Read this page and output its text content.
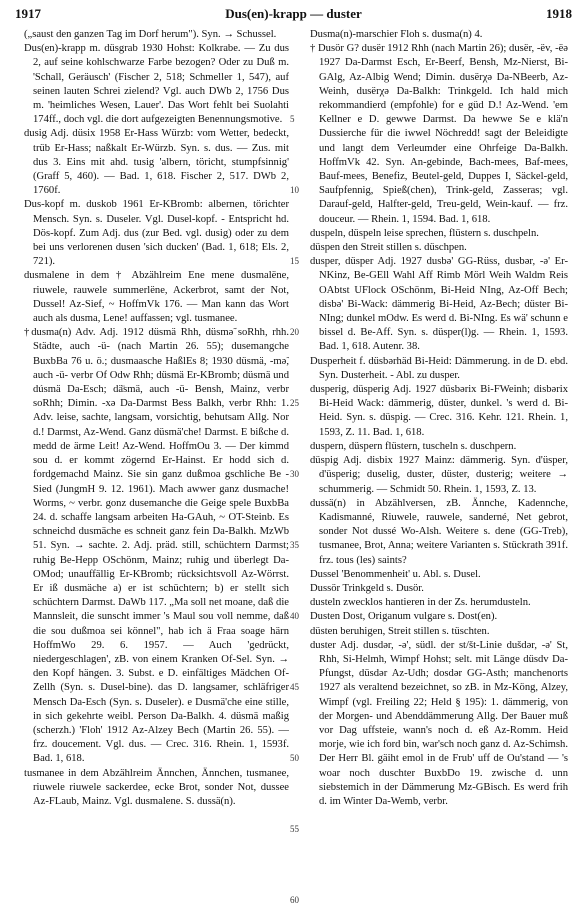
1917	Dus(en)-krapp — duster	1918

(„saust den ganzen Tag im Dorf herum"). Syn. → Schussel.

Dus(en)-krapp m. düsgrab 1930 Hohst: Kolkrabe. — Zu dus 2, auf seine kohlschwarze Farbe bezogen? Oder zu Duß m. 'Schall, Geräusch' (Fischer 2, 518; Schmeller 1, 547), auf seinen lauten Schrei zielend? Vgl. auch DWb 2, 1756 Dus m. 'heimliches Wesen, Lauer'. Das Wort fehlt bei Suolahti 174ff., doch vgl. die dort aufgezeigten Benennungsmotive.

dusig Adj. düsix 1958 Er-Hass Würzb: vom Wetter, bedeckt, trüb Er-Hass; naßkalt Er-Würzb. Syn. s. dus. — Zus. mit dus 3. Eins mit ahd. tusig 'albern, töricht, stumpfsinnig' (Graff 5, 460). — Bad. 1, 618. Fischer 2, 517. DWb 2, 1760f.

Dus-kopf m. duskob 1961 Er-KBromb: albernen, törichter Mensch. Syn. s. Duseler. Vgl. Dusel-kopf. - Entspricht hd. Dös-kopf. Zum Adj. dus (zur Bed. vgl. dusig) oder zu dem bei uns verlorenen dusen 'sich ducken' (Bad. 1, 618; Els. 2, 721).

dusmalene in dem † Abzählreim Ene mene dusmalëne, riuwele, rauwele summerlëne, Ackerbrot, samt der Not, Dussel! Az-Sief, ~ HoffmVk 176. — Man kann das Wort auch als dusma, Lene! auffassen; vgl. tusmanee.

†dusma(n) Adv. Adj. 1912 düsmä Rhh, düsmə̃ soRhh, rhh. Städte, auch -ü- (nach Martin 26. 55); dusemangche BuxbBa 76 u. ö.; dusmaasche HaßlEs 8; 1930 düsmä, -mə̃, auch -ü- verbr Of Odw Rhh; düsmä Er-KBromb; düsmä und dúsmä Da-Esch; dä̈smä, auch -ü- Bensh, Mainz, verbr soRhh; Dimin. -xə Da-Darmst Bess Balkh, verbr Rhh: 1. Adv. leise, sachte, langsam, vorsichtig, behutsam Allg. Nor d.! Darmst, Az-Wend. Ganz düsmä'che! Darmst. E bißche d. medd de ärme Leit! Az-Wend. HoffmOu 3. — Der kimmd sou d. er kommt zögernd Er-Hainst. Er hodd sich d. fordgemachd Mainz. Sie sin ganz dußmoa gschliche Be - Sied (JungmH 9. 12. 1961). Mach awwer ganz dusmache! Worms, ~ verbr. gonz dusemanche die Geige spele BuxbBa 24. d. schaffe langsam arbeiten Ha-GAuh, ~ OT-Steinb. Es schneichd dusmäche es schneit ganz fein Da-Balkh. MzWb 51. Syn. → sachte. 2. Adj. präd. still, schüchtern Darmst; ruhig Be-Hepp OSchönm, Mainz; ruhig und überlegt Da-OMod; unauffällig Er-KBromb; rücksichtsvoll Az-Wörrst. Er iß dusmäche a) er ist schüchtern; b) er stellt sich schüchtern Darmst. DaWb 117. „Ma soll net moane, daß die Mannsleit, die sunscht immer 's Maul sou voll nemme, daß die sou dußmoa sei könnel", hab ich ä Fraa soage härn HoffmWo 29. 6. 1957. — Auch 'gedrückt, niedergeschlagen', zB. von einem Kranken Of-Sel. Syn. → den Kopf hängen. 3. Subst. e D. einfältiges Mädchen Of-Zellh (Syn. s. Dusel-bine). das D. langsamer, schläfriger Mensch Da-Esch (Syn. s. Duseler). e Dusmä'che eine stille, in sich gekehrte weibl. Person Da-Balkh. 4. düsmä maßig (scherzh.) 'Floh' 1912 Az-Alzey Bech (Martin 26. 55). — frz. doucement. Vgl. dus. — Crec. 316. Rhein. 1, 1593f. Bad. 1, 618.

tusmanee in dem Abzählreim Ännchen, Ännchen, tusmanee, riuwele riuwele sackerdee, ecke Brot, sonder Not, dussee Az-FLaub, Mainz. Vgl. dusmalene. S. dussä(n).

5
10
15
20
25
30
35
40
45
50
55
60

Dusma(n)-marschier Floh s. dusma(n) 4.

† Dusör G? dusër 1912 Rhh (nach Martin 26); dusër, -ëv, -ëə 1927 Da-Darmst Esch, Er-Beerf, Bensh, Mz-Nierst, Bi-GAlg, Az-Albig Wend; Dimin. dusërχə Da-NBeerb, Az-Weinh, dusërχə Da-Balkh: Trinkgeld. Ich hald mich rekommandierd (empfohle) for e güd D.! Az-Wend. 'em Kellner e D. gewwe Darmst. Da hewwe Se e klä'n Dussierche für die iwwel Nöchredd! sagt der Beleidigte und langt dem Verleumder eine Ohrfeige Da-Balkh. HoffmVk 42. Syn. An-gebinde, Bach-mees, Baf-mees, Bauf-mees, Benefiz, Beutel-geld, Duppes I, Säckel-geld, Saufpfennig, Spieß(chen), Trink-geld, Zasseras; vgl. Darauf-geld, Halfter-geld, Treu-geld, Wein-kauf. — frz. douceur. — Rhein. 1, 1594. Bad. 1, 618.

duspeln, düspeln leise sprechen, flüstern s. duschpeln.

düspen den Streit stillen s. düschpen.

dusper, düsper Adj. 1927 dusbə' GG-Rüss, dusbər, -ə' Er-NKinz, Be-GEll Wahl Aff Rimb Mörl Weih Waldm Reis OAbtst UFlock OSchönm, Bi-Heid NIng, Az-Off Bech; disbə' Bi-Wack: dämmerig Bi-Heid, Az-Bech; düster Bi-NIng; dunkel mOdw. Es werd d. Bi-NIng. Es wä' schunn e bissel d. Be-Aff. Syn. s. düsper(l)g. — Rhein. 1, 1593. Bad. 1, 618. Autenr. 38.

Dusperheit f. düsbərhäd Bi-Heid: Dämmerung. in de D. ebd. Syn. Dusterheit. - Abl. zu dusper.

dusperig, düsperig Adj. 1927 düsbərix Bi-FWeinh; disbərix Bi-Heid Wack: dämmerig, düster, dunkel. 's werd d. Bi-Heid. Syn. s. düspig. — Crec. 316. Kehr. 121. Rhein. 1, 1593, Z. 11. Bad. 1, 618.

duspern, düspern flüstern, tuscheln s. duschpern.

düspig Adj. disbix 1927 Mainz: dämmerig. Syn. d'üsper, d'üsperig; duselig, duster, düster, dusterig; weitere → schummerig. — Schmidt 50. Rhein. 1, 1593, Z. 13.

dussä(n) in Abzählversen, zB. Ännche, Kadennche, Kadismanné, Riuwele, rauwele, sanderné, Net gebrot, sonder Not dussé Wo-Alsh. Weitere s. dene (GG-Treb), tusmanee, Brot, Anna; weitere Varianten s. Stückrath 391f. frz. tous (les) saints?

Dussel 'Benommenheit' u. Abl. s. Dusel.

Dussör Trinkgeld s. Dusör.

dusteln zwecklos hantieren in der Zs. herumdusteln.

Dusten Dost, Origanum vulgare s. Dost(en).

düsten beruhigen, Streit stillen s. tüschten.

duster Adj. dusdər, -ə', südl. der st/št-Linie dušdər, -ə' St, Rhh, Si-Helmh, Wimpf Hohst; selt. mit Länge düsdv Da-Pfungst, düsdər Az-Udh; dosdər GG-Asth; manchenorts 1927 als veraltend bezeichnet, so zB. in Mz-Köng, Alzey, Wimpf (vgl. Freiling 22; Held § 195): 1. dämmerig, von der Morgen- und Abenddämmerung Allg. Der Bauer muß vor Dag uffsteie, wann's noch d. eß Az-Romm. Heid morje, wie ich ford bin, war'sch noch ganz d. Az-Schimsh. Der Herr Bl. gäiht emol in de Frub' uff de Ou'stand — 's woar noch duschter BuxbDo 19. zwische d. unn siebstemich in der Dämmerung Mz-GBisch. Es werd frih d. im Winter Da-Wemb, verbr.
